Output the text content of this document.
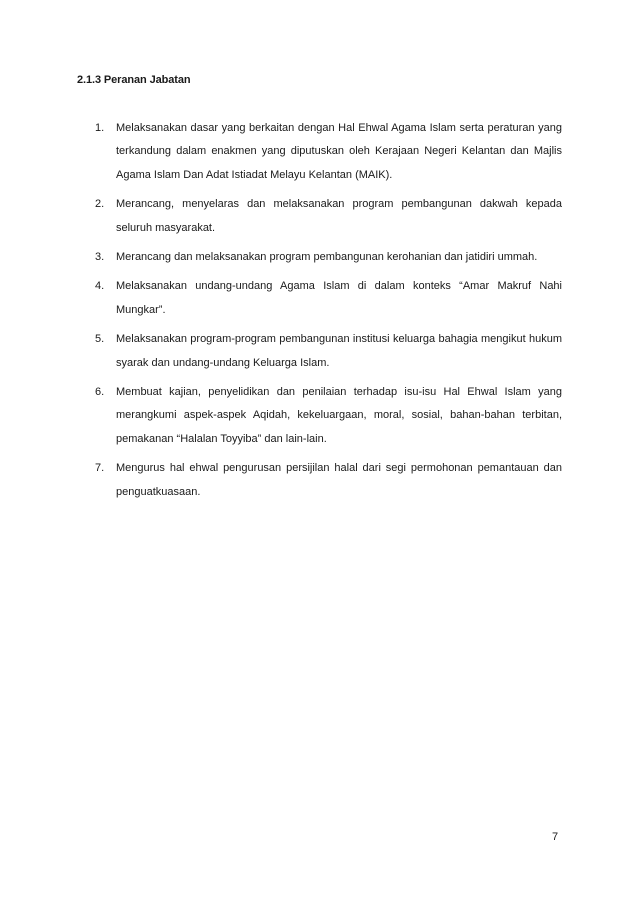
2.1.3 Peranan Jabatan
1. Melaksanakan dasar yang berkaitan dengan Hal Ehwal Agama Islam serta peraturan yang terkandung dalam enakmen yang diputuskan oleh Kerajaan Negeri Kelantan dan Majlis Agama Islam Dan Adat Istiadat Melayu Kelantan (MAIK).
2. Merancang, menyelaras dan melaksanakan program pembangunan dakwah kepada seluruh masyarakat.
3. Merancang dan melaksanakan program pembangunan kerohanian dan jatidiri ummah.
4. Melaksanakan undang-undang Agama Islam di dalam konteks “Amar Makruf Nahi Mungkar”.
5. Melaksanakan program-program pembangunan institusi keluarga bahagia mengikut hukum syarak dan undang-undang Keluarga Islam.
6. Membuat kajian, penyelidikan dan penilaian terhadap isu-isu Hal Ehwal Islam yang merangkumi aspek-aspek Aqidah, kekeluargaan, moral, sosial, bahan-bahan terbitan, pemakanan “Halalan Toyyiba” dan lain-lain.
7. Mengurus hal ehwal pengurusan persijilan halal dari segi permohonan pemantauan dan penguatkuasaan.
7
